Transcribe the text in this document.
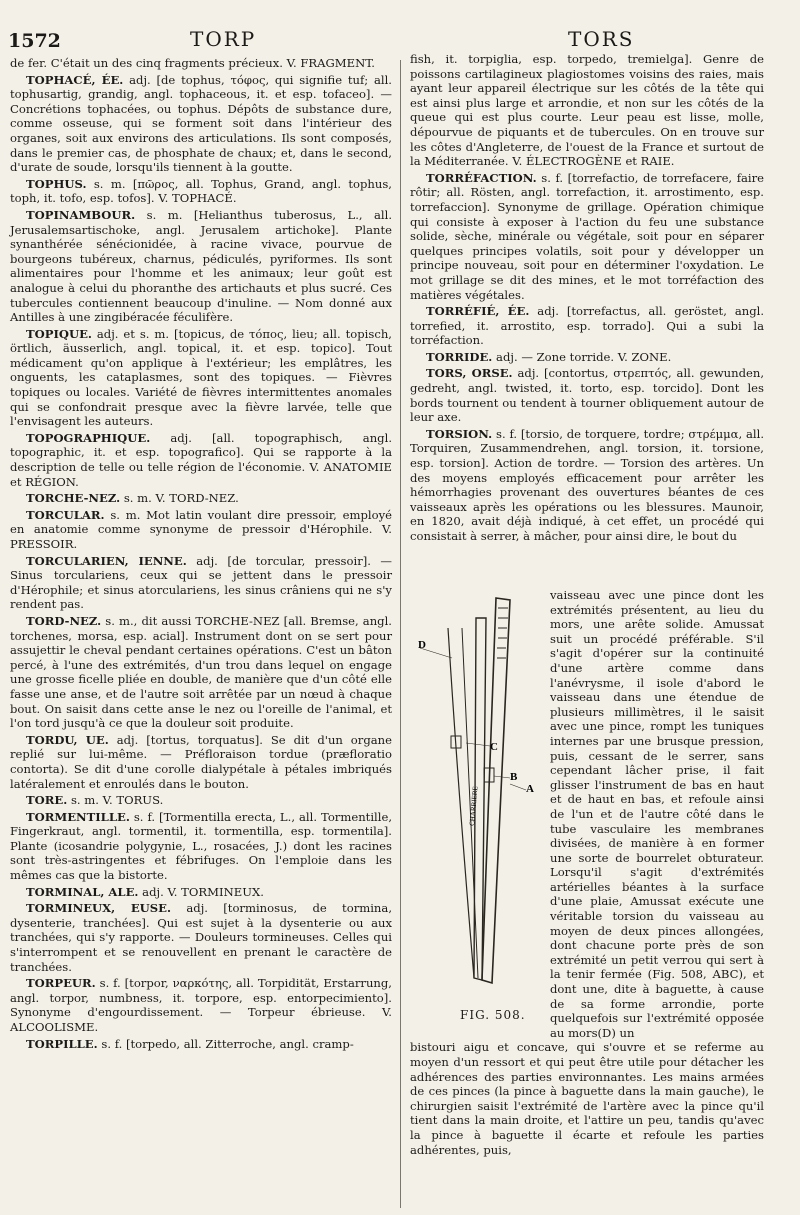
1572	TORP	TORS

de fer. C'était un des cinq fragments précieux. V. FRAGMENT.

TOPHACÉ, ÉE. adj. [de tophus, τόφος, qui signifie tuf; all. tophusartig, grandig, angl. tophaceous, it. et esp. tofaceo]. — Concrétions tophacées, ou tophus. Dépôts de substance dure, comme osseuse, qui se forment soit dans l'intérieur des organes, soit aux environs des articulations. Ils sont composés, dans le premier cas, de phosphate de chaux; et, dans le second, d'urate de soude, lorsqu'ils tiennent à la goutte.

TOPHUS. s. m. [πῶρος, all. Tophus, Grand, angl. tophus, toph, it. tofo, esp. tofos]. V. TOPHACÉ.

TOPINAMBOUR. s. m. [Helianthus tuberosus, L., all. Jerusalemsartischoke, angl. Jerusalem artichoke]. Plante synanthérée sénécionidée, à racine vivace, pourvue de bourgeons tubéreux, charnus, pédiculés, pyriformes. Ils sont alimentaires pour l'homme et les animaux; leur goût est analogue à celui du phoranthe des artichauts et plus sucré. Ces tubercules contiennent beaucoup d'inuline. — Nom donné aux Antilles à une zingibéracée féculifère.

TOPIQUE. adj. et s. m. [topicus, de τόπος, lieu; all. topisch, örtlich, äusserlich, angl. topical, it. et esp. topico]. Tout médicament qu'on applique à l'extérieur; les emplâtres, les onguents, les cataplasmes, sont des topiques. — Fièvres topiques ou locales. Variété de fièvres intermittentes anomales qui se confondrait presque avec la fièvre larvée, telle que l'envisagent les auteurs.

TOPOGRAPHIQUE. adj. [all. topographisch, angl. topographic, it. et esp. topografico]. Qui se rapporte à la description de telle ou telle région de l'économie. V. ANATOMIE et RÉGION.

TORCHE-NEZ. s. m. V. TORD-NEZ.

TORCULAR. s. m. Mot latin voulant dire pressoir, employé en anatomie comme synonyme de pressoir d'Hérophile. V. PRESSOIR.

TORCULARIEN, IENNE. adj. [de torcular, pressoir]. — Sinus torculariens, ceux qui se jettent dans le pressoir d'Hérophile; et sinus atorculariens, les sinus crâniens qui ne s'y rendent pas.

TORD-NEZ. s. m., dit aussi TORCHE-NEZ [all. Bremse, angl. torchenes, morsa, esp. acial]. Instrument dont on se sert pour assujettir le cheval pendant certaines opérations. C'est un bâton percé, à l'une des extrémités, d'un trou dans lequel on engage une grosse ficelle pliée en double, de manière que d'un côté elle fasse une anse, et de l'autre soit arrêtée par un nœud à chaque bout. On saisit dans cette anse le nez ou l'oreille de l'animal, et l'on tord jusqu'à ce que la douleur soit produite.

TORDU, UE. adj. [tortus, torquatus]. Se dit d'un organe replié sur lui-même. — Préfloraison tordue (præfloratio contorta). Se dit d'une corolle dialypétale à pétales imbriqués latéralement et enroulés dans le bouton.

TORE. s. m. V. TORUS.

TORMENTILLE. s. f. [Tormentilla erecta, L., all. Tormentille, Fingerkraut, angl. tormentil, it. tormentilla, esp. tormentila]. Plante (icosandrie polygynie, L., rosacées, J.) dont les racines sont très-astringentes et fébrifuges. On l'emploie dans les mêmes cas que la bistorte.

TORMINAL, ALE. adj. V. TORMINEUX.

TORMINEUX, EUSE. adj. [torminosus, de tormina, dysenterie, tranchées]. Qui est sujet à la dysenterie ou aux tranchées, qui s'y rapporte. — Douleurs tormineuses. Celles qui s'interrompent et se renouvellent en prenant le caractère de tranchées.

TORPEUR. s. f. [torpor, ναρκότης, all. Torpidität, Erstarrung, angl. torpor, numbness, it. torpore, esp. entorpecimiento]. Synonyme d'engourdissement. — Torpeur ébrieuse. V. ALCOOLISME.

TORPILLE. s. f. [torpedo, all. Zitterroche, angl. cramp-

fish, it. torpiglia, esp. torpedo, tremielga]. Genre de poissons cartilagineux plagiostomes voisins des raies, mais ayant leur appareil électrique sur les côtés de la tête qui est ainsi plus large et arrondie, et non sur les côtés de la queue qui est plus courte. Leur peau est lisse, molle, dépourvue de piquants et de tubercules. On en trouve sur les côtes d'Angleterre, de l'ouest de la France et surtout de la Méditerranée. V. ÉLECTROGÈNE et RAIE.

TORRÉFACTION. s. f. [torrefactio, de torrefacere, faire rôtir; all. Rösten, angl. torrefaction, it. arrostimento, esp. torrefaccion]. Synonyme de grillage. Opération chimique qui consiste à exposer à l'action du feu une substance solide, sèche, minérale ou végétale, soit pour en séparer quelques principes volatils, soit pour y développer un principe nouveau, soit pour en déterminer l'oxydation. Le mot grillage se dit des mines, et le mot torréfaction des matières végétales.

TORRÉFIÉ, ÉE. adj. [torrefactus, all. geröstet, angl. torrefied, it. arrostito, esp. torrado]. Qui a subi la torréfaction.

TORRIDE. adj. — Zone torride. V. ZONE.

TORS, ORSE. adj. [contortus, στρεπτός, all. gewunden, gedreht, angl. twisted, it. torto, esp. torcido]. Dont les bords tournent ou tendent à tourner obliquement autour de leur axe.

TORSION. s. f. [torsio, de torquere, tordre; στρέμμα, all. Torquiren, Zusammendrehen, angl. torsion, it. torsione, esp. torsion]. Action de tordre. — Torsion des artères. Un des moyens employés efficacement pour arrêter les hémorrhagies provenant des ouvertures béantes de ces vaisseaux après les opérations ou les blessures. Maunoir, en 1820, avait déjà indiqué, à cet effet, un procédé qui consistait à serrer, à mâcher, pour ainsi dire, le bout du

D
C
B
A
CHARRIERE
FIG. 508.
vaisseau avec une pince dont les extrémités présentent, au lieu du mors, une arête solide. Amussat suit un procédé préférable. S'il s'agit d'opérer sur la continuité d'une artère comme dans l'anévrysme, il isole d'abord le vaisseau dans une étendue de plusieurs millimètres, il le saisit avec une pince, rompt les tuniques internes par une brusque pression, puis, cessant de le serrer, sans cependant lâcher prise, il fait glisser l'instrument de bas en haut et de haut en bas, et refoule ainsi de l'un et de l'autre côté dans le tube vasculaire les membranes divisées, de manière à en former une sorte de bourrelet obturateur. Lorsqu'il s'agit d'extrémités artérielles béantes à la surface d'une plaie, Amussat exécute une véritable torsion du vaisseau au moyen de deux pinces allongées, dont chacune porte près de son extrémité un petit verrou qui sert à la tenir fermée (Fig. 508, ABC), et dont une, dite à baguette, à cause de sa forme arrondie, porte quelquefois sur l'extrémité opposée au mors(D) un
bistouri aigu et concave, qui s'ouvre et se referme au moyen d'un ressort et qui peut être utile pour détacher les adhérences des parties environnantes. Les mains armées de ces pinces (la pince à baguette dans la main gauche), le chirurgien saisit l'extrémité de l'artère avec la pince qu'il tient dans la main droite, et l'attire un peu, tandis qu'avec la pince à baguette il écarte et refoule les parties adhérentes, puis,
